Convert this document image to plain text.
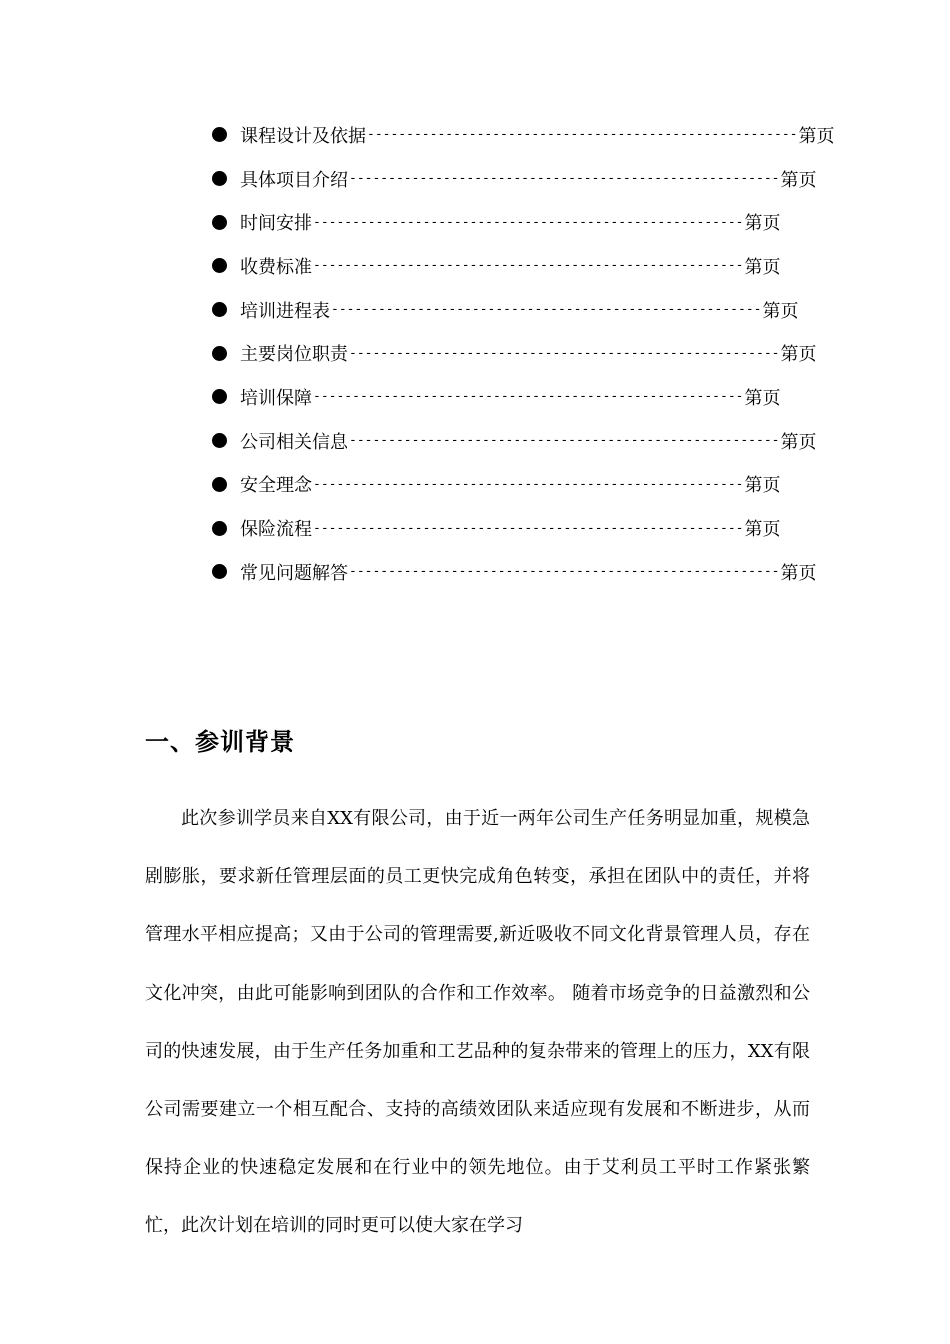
课程设计及依据 ------------------------------------------------------- 第页
具体项目介绍 ------------------------------------------------------- 第页
时间安排 ------------------------------------------------------- 第页
收费标准 ------------------------------------------------------- 第页
培训进程表 ------------------------------------------------------- 第页
主要岗位职责 ------------------------------------------------------- 第页
培训保障 ------------------------------------------------------- 第页
公司相关信息 ------------------------------------------------------- 第页
安全理念 ------------------------------------------------------- 第页
保险流程 ------------------------------------------------------- 第页
常见问题解答 ------------------------------------------------------- 第页
一、参训背景

此次参训学员来自XX有限公司，由于近一两年公司生产任务明显加重，规模急剧膨胀，要求新任管理层面的员工更快完成角色转变，承担在团队中的责任，并将管理水平相应提高；又由于公司的管理需要,新近吸收不同文化背景管理人员，存在文化冲突，由此可能影响到团队的合作和工作效率。 随着市场竞争的日益激烈和公司的快速发展，由于生产任务加重和工艺品种的复杂带来的管理上的压力，XX有限公司需要建立一个相互配合、支持的高绩效团队来适应现有发展和不断进步，从而保持企业的快速稳定发展和在行业中的领先地位。由于艾利员工平时工作紧张繁忙，此次计划在培训的同时更可以使大家在学习
